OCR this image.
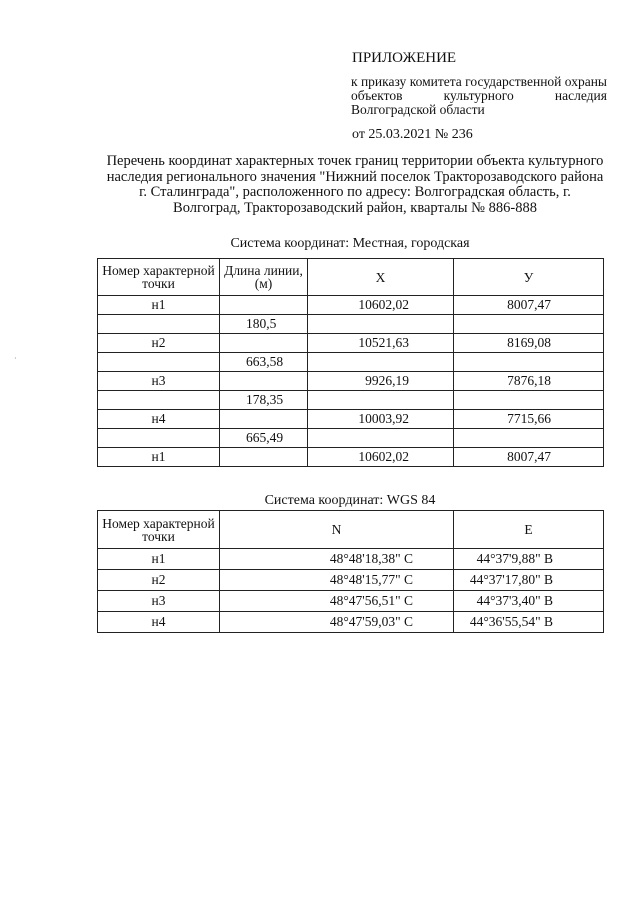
·
ПРИЛОЖЕНИЕ
к приказу комитета государственной охраны объектов культурного наследия Волгоградской области
от 25.03.2021 № 236
Перечень координат характерных точек границ территории объекта культурного наследия регионального значения "Нижний поселок Тракторозаводского района г. Сталинграда", расположенного по адресу: Волгоградская область, г. Волгоград, Тракторозаводский район, кварталы № 886-888
Система координат: Местная, городская
Номер характерной точки	Длина линии, (м)	X	У
н1		10602,02	8007,47
	180,5		
н2		10521,63	8169,08
	663,58		
н3		9926,19	7876,18
	178,35		
н4		10003,92	7715,66
	665,49		
н1		10602,02	8007,47
Система координат: WGS 84
Номер характерной точки	N	E
н1	48°48'18,38" С	44°37'9,88" В
н2	48°48'15,77" С	44°37'17,80" В
н3	48°47'56,51" С	44°37'3,40" В
н4	48°47'59,03" С	44°36'55,54" В
